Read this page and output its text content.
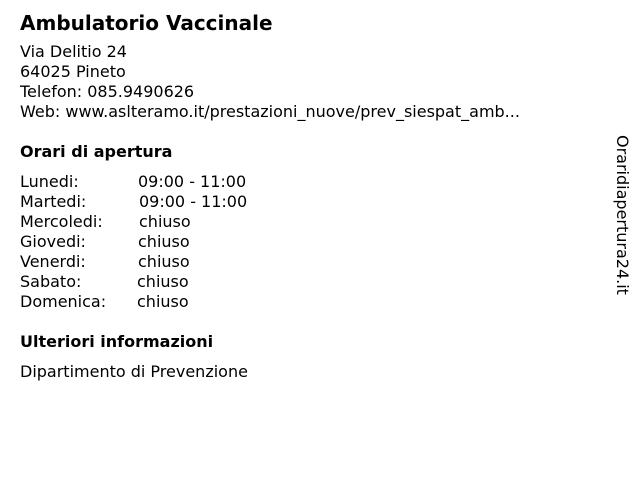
Ambulatorio Vaccinale
Via Delitio 24
64025 Pineto
Telefon: 085.9490626
Web: www.aslteramo.it/prestazioni_nuove/prev_siespat_amb...
Orari di apertura
Lunedi:	09:00 - 11:00
Martedi:	09:00 - 11:00
Mercoledi: chiuso
Giovedi:	chiuso
Venerdi:	chiuso
Sabato:	chiuso
Domenica: chiuso
Ulteriori informazioni
Dipartimento di Prevenzione
Oraridiapertura24.it
